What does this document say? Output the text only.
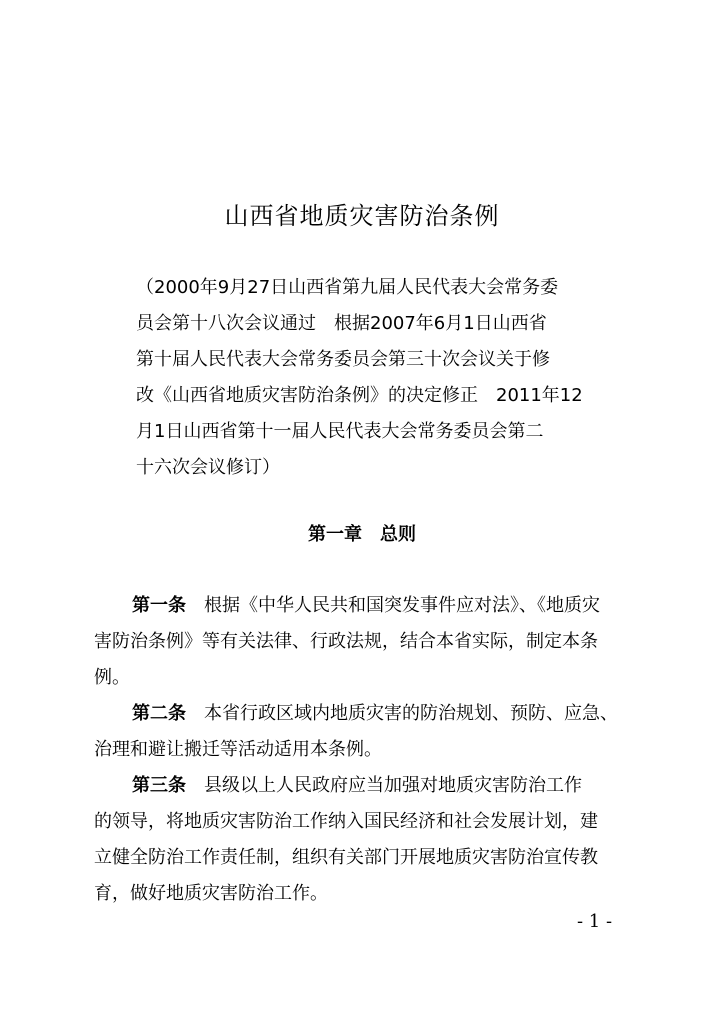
山西省地质灾害防治条例
（2000年9月27日山西省第九届人民代表大会常务委
员会第十八次会议通过　根据2007年6月1日山西省
第十届人民代表大会常务委员会第三十次会议关于修
改《山西省地质灾害防治条例》的决定修正　2011年12
月1日山西省第十一届人民代表大会常务委员会第二
十六次会议修订）
第一章　总则
第一条 根据《中华人民共和国突发事件应对法》、《地质灾
害防治条例》等有关法律、行政法规，结合本省实际，制定本条
例。
第二条 本省行政区域内地质灾害的防治规划、预防、应急、
治理和避让搬迁等活动适用本条例。
第三条 县级以上人民政府应当加强对地质灾害防治工作
的领导，将地质灾害防治工作纳入国民经济和社会发展计划，建
立健全防治工作责任制，组织有关部门开展地质灾害防治宣传教
育，做好地质灾害防治工作。
- 1 -
